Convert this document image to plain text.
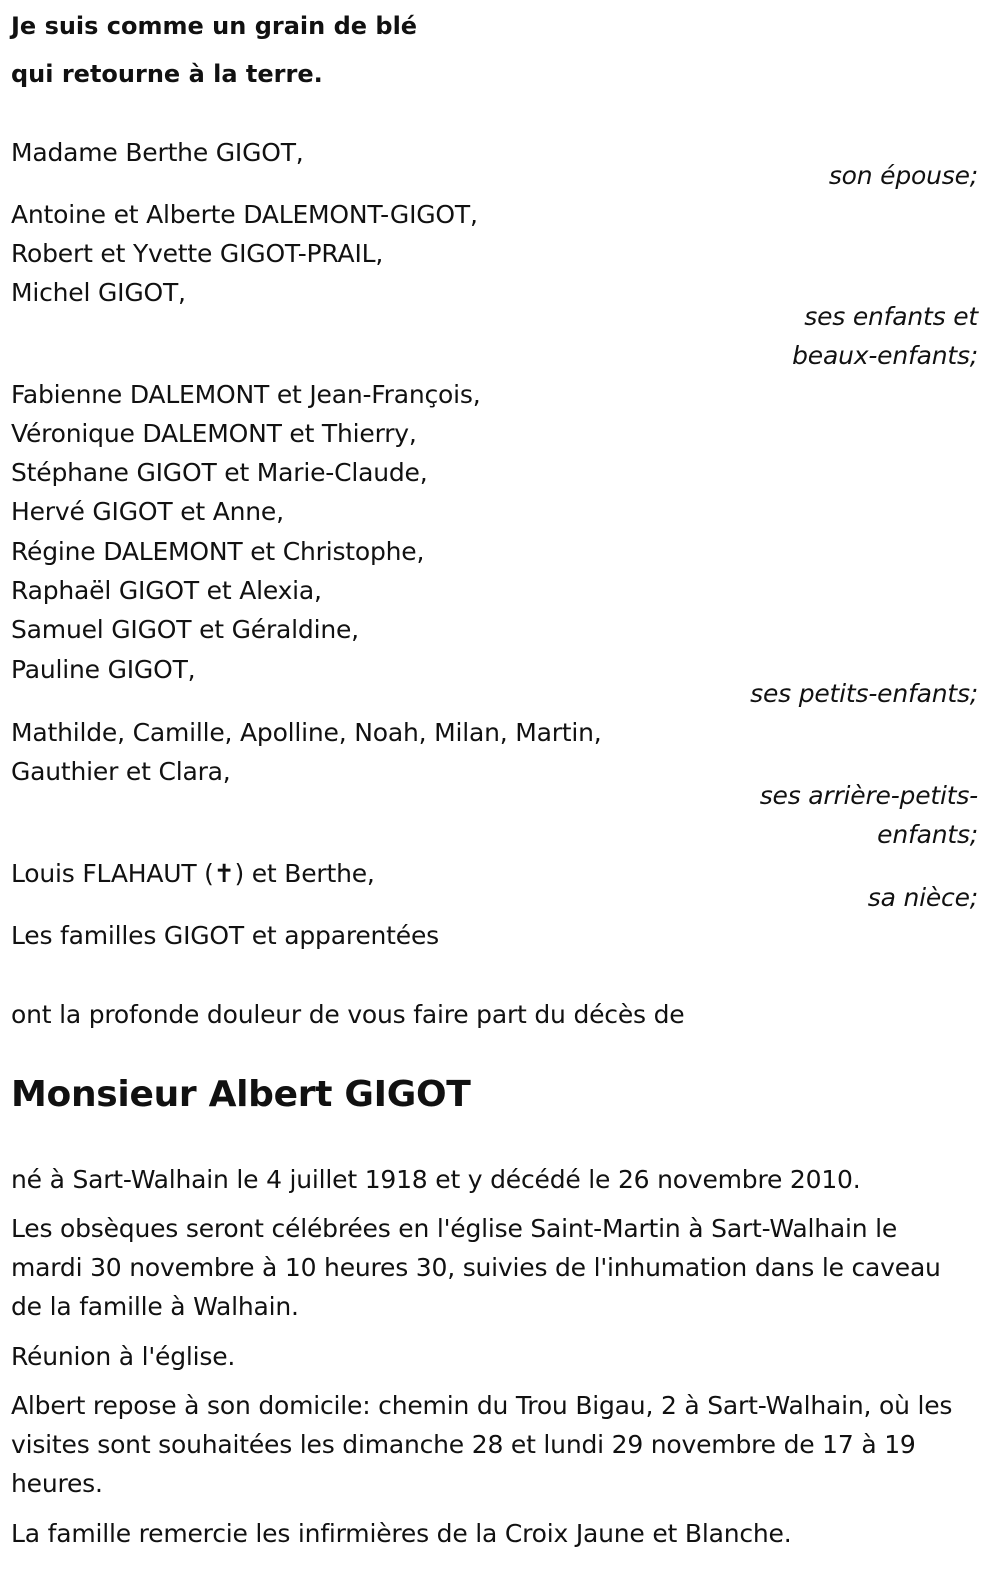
Je suis comme un grain de blé
qui retourne à la terre.
Madame Berthe GIGOT,
son épouse;
Antoine et Alberte DALEMONT-GIGOT,
Robert et Yvette GIGOT-PRAIL,
Michel GIGOT,
ses enfants et
beaux-enfants;
Fabienne DALEMONT et Jean-François,
Véronique DALEMONT et Thierry,
Stéphane GIGOT et Marie-Claude,
Hervé GIGOT et Anne,
Régine DALEMONT et Christophe,
Raphaël GIGOT et Alexia,
Samuel GIGOT et Géraldine,
Pauline GIGOT,
ses petits-enfants;
Mathilde, Camille, Apolline, Noah, Milan, Martin,
Gauthier et Clara,
ses arrière-petits-
enfants;
Louis FLAHAUT (✝) et Berthe,
sa nièce;
Les familles GIGOT et apparentées
ont la profonde douleur de vous faire part du décès de
Monsieur Albert GIGOT
né à Sart-Walhain le 4 juillet 1918 et y décédé le 26 novembre 2010.
Les obsèques seront célébrées en l'église Saint-Martin à Sart-Walhain le mardi 30 novembre à 10 heures 30, suivies de l'inhumation dans le caveau de la famille à Walhain.
Réunion à l'église.
Albert repose à son domicile: chemin du Trou Bigau, 2 à Sart-Walhain, où les visites sont souhaitées les dimanche 28 et lundi 29 novembre de 17 à 19 heures.
La famille remercie les infirmières de la Croix Jaune et Blanche.
